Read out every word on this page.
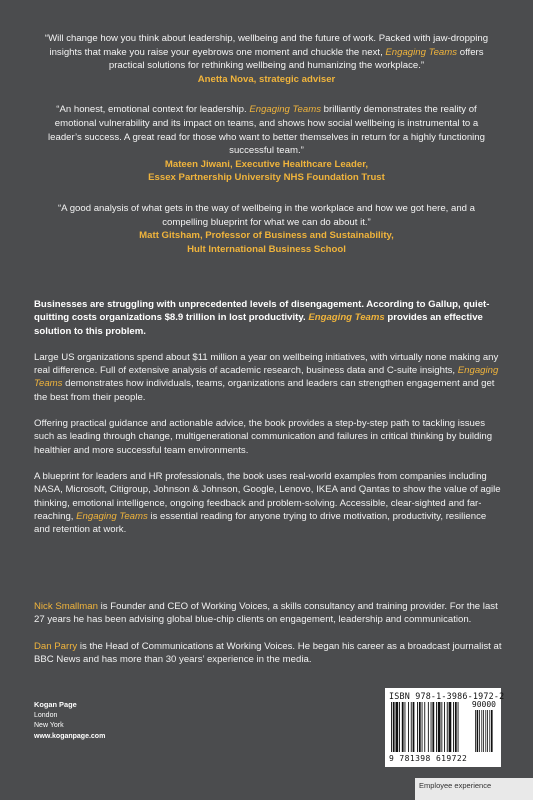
“Will change how you think about leadership, wellbeing and the future of work. Packed with jaw-dropping insights that make you raise your eyebrows one moment and chuckle the next, Engaging Teams offers practical solutions for rethinking wellbeing and humanizing the workplace.”
Anetta Nova, strategic adviser
“An honest, emotional context for leadership. Engaging Teams brilliantly demonstrates the reality of emotional vulnerability and its impact on teams, and shows how social wellbeing is instrumental to a leader’s success. A great read for those who want to better themselves in return for a highly functioning successful team.”
Mateen Jiwani, Executive Healthcare Leader,
Essex Partnership University NHS Foundation Trust
“A good analysis of what gets in the way of wellbeing in the workplace and how we got here, and a compelling blueprint for what we can do about it.”
Matt Gitsham, Professor of Business and Sustainability,
Hult International Business School

Businesses are struggling with unprecedented levels of disengagement. According to Gallup, quiet-quitting costs organizations $8.9 trillion in lost productivity. Engaging Teams provides an effective solution to this problem.

Large US organizations spend about $11 million a year on wellbeing initiatives, with virtually none making any real difference. Full of extensive analysis of academic research, business data and C-suite insights, Engaging Teams demonstrates how individuals, teams, organizations and leaders can strengthen engagement and get the best from their people.

Offering practical guidance and actionable advice, the book provides a step-by-step path to tackling issues such as leading through change, multigenerational communication and failures in critical thinking by building healthier and more successful team environments.

A blueprint for leaders and HR professionals, the book uses real-world examples from companies including NASA, Microsoft, Citigroup, Johnson & Johnson, Google, Lenovo, IKEA and Qantas to show the value of agile thinking, emotional intelligence, ongoing feedback and problem-solving. Accessible, clear-sighted and far-reaching, Engaging Teams is essential reading for anyone trying to drive motivation, productivity, resilience and retention at work.

Nick Smallman is Founder and CEO of Working Voices, a skills consultancy and training provider. For the last 27 years he has been advising global blue-chip clients on engagement, leadership and communication.

Dan Parry is the Head of Communications at Working Voices. He began his career as a broadcast journalist at BBC News and has more than 30 years’ experience in the media.

Kogan Page
London
New York
www.koganpage.com
ISBN 978-1-3986-1972-2
90000
9 781398 619722
Employee experience
